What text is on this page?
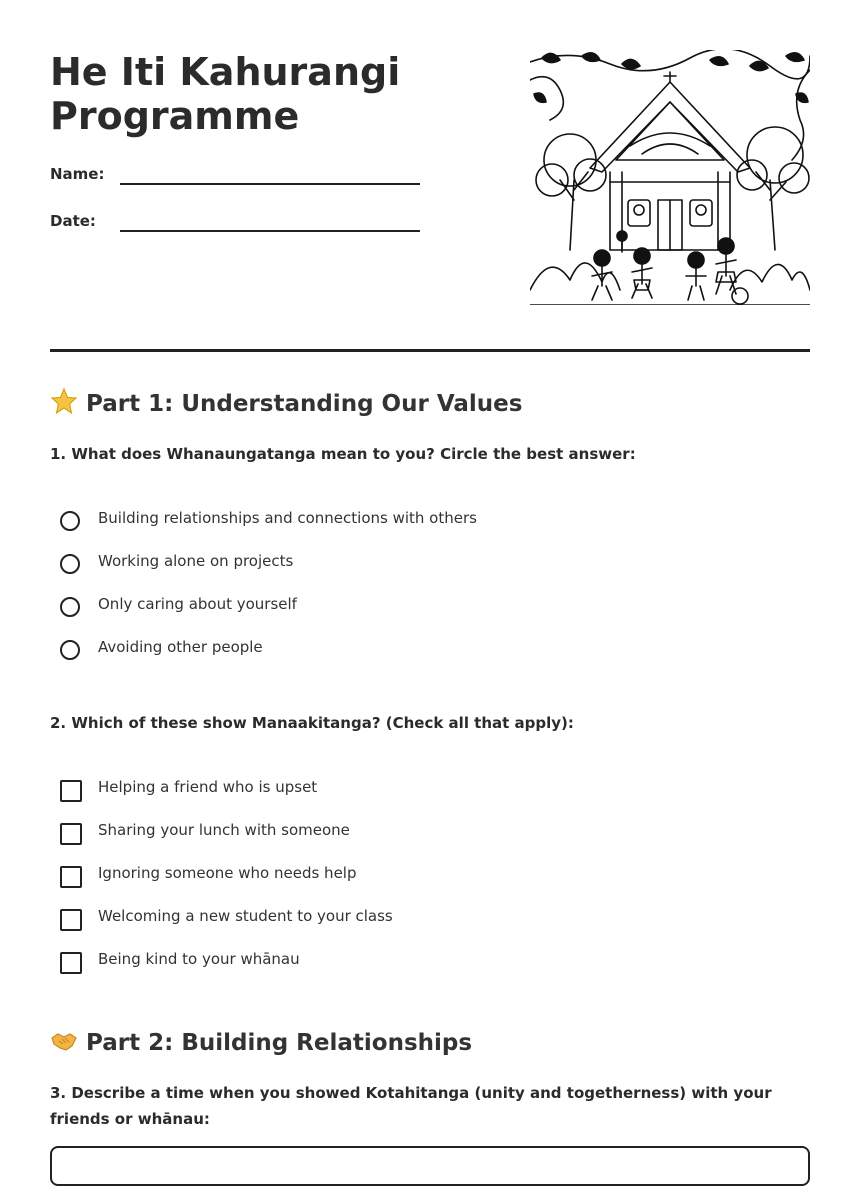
He Iti Kahurangi Programme
Name:
Date:
Part 1: Understanding Our Values
1. What does Whanaungatanga mean to you? Circle the best answer:
Building relationships and connections with others
Working alone on projects
Only caring about yourself
Avoiding other people
2. Which of these show Manaakitanga? (Check all that apply):
Helping a friend who is upset
Sharing your lunch with someone
Ignoring someone who needs help
Welcoming a new student to your class
Being kind to your whānau
Part 2: Building Relationships
3. Describe a time when you showed Kotahitanga (unity and togetherness) with your friends or whānau:
